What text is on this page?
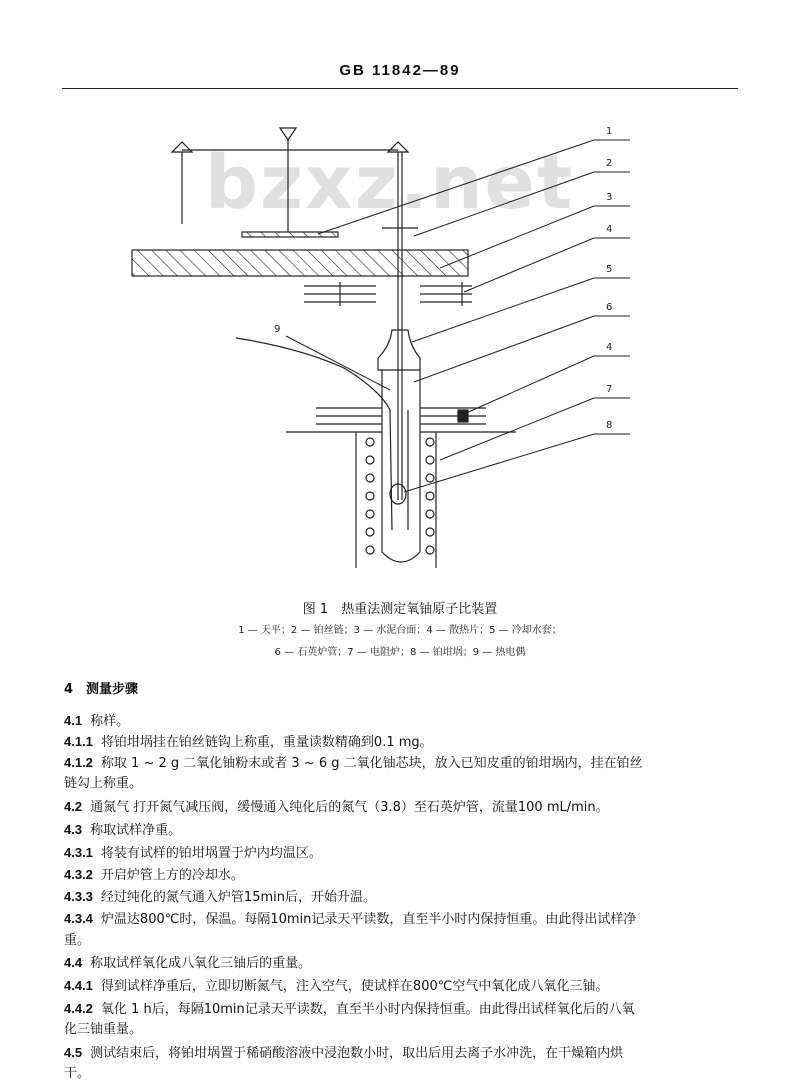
GB 11842—89
bzxz.net
1
2
3
4
5
6
4
7
8
9
图 1　热重法测定氧铀原子比装置
1 — 天平；2 — 铂丝链；3 — 水泥台面；4 — 散热片；5 — 冷却水套；
6 — 石英炉管；7 — 电阻炉；8 — 铂坩埚；9 — 热电偶
4　测量步骤
4.1 称样。
4.1.1 将铂坩埚挂在铂丝链钩上称重，重量读数精确到0.1 mg。
4.1.2 称取 1 ~ 2 g 二氧化铀粉末或者 3 ~ 6 g 二氧化铀芯块，放入已知皮重的铂坩埚内，挂在铂丝
链勾上称重。
4.2 通氮气 打开氮气减压阀，缓慢通入纯化后的氮气（3.8）至石英炉管，流量100 mL/min。
4.3 称取试样净重。
4.3.1 将装有试样的铂坩埚置于炉内均温区。
4.3.2 开启炉管上方的冷却水。
4.3.3 经过纯化的氮气通入炉管15min后，开始升温。
4.3.4 炉温达800℃时，保温。每隔10min记录天平读数，直至半小时内保持恒重。由此得出试样净
重。
4.4 称取试样氧化成八氧化三铀后的重量。
4.4.1 得到试样净重后，立即切断氮气，注入空气，使试样在800℃空气中氧化成八氧化三铀。
4.4.2 氧化 1 h后，每隔10min记录天平读数，直至半小时内保持恒重。由此得出试样氧化后的八氧
化三铀重量。
4.5 测试结束后，将铂坩埚置于稀硝酸溶液中浸泡数小时，取出后用去离子水冲洗，在干燥箱内烘
干。
